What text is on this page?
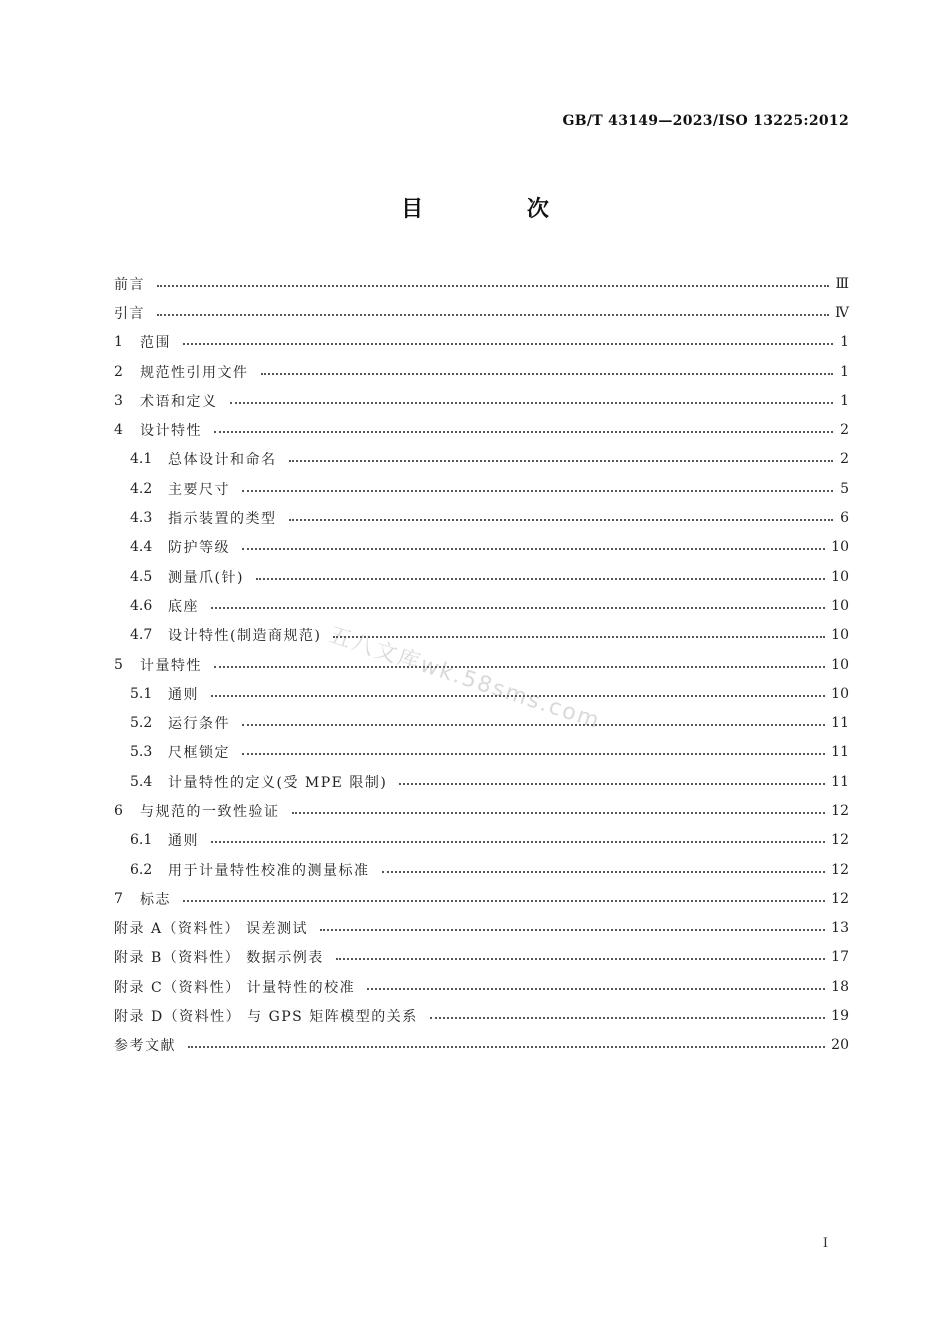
GB/T 43149—2023/ISO 13225:2012
目 次
前言	Ⅲ
引言	Ⅳ
1	范围	1
2	规范性引用文件	1
3	术语和定义	1
4	设计特性	2
4.1	总体设计和命名	2
4.2	主要尺寸	5
4.3	指示装置的类型	6
4.4	防护等级	10
4.5	测量爪(针)	10
4.6	底座	10
4.7	设计特性(制造商规范)	10
5	计量特性	10
5.1	通则	10
5.2	运行条件	11
5.3	尺框锁定	11
5.4	计量特性的定义(受 MPE 限制)	11
6	与规范的一致性验证	12
6.1	通则	12
6.2	用于计量特性校准的测量标准	12
7	标志	12
附录 A（资料性） 误差测试	13
附录 B（资料性） 数据示例表	17
附录 C（资料性） 计量特性的校准	18
附录 D（资料性） 与 GPS 矩阵模型的关系	19
参考文献	20
五八文库wk.58sms.com
I
